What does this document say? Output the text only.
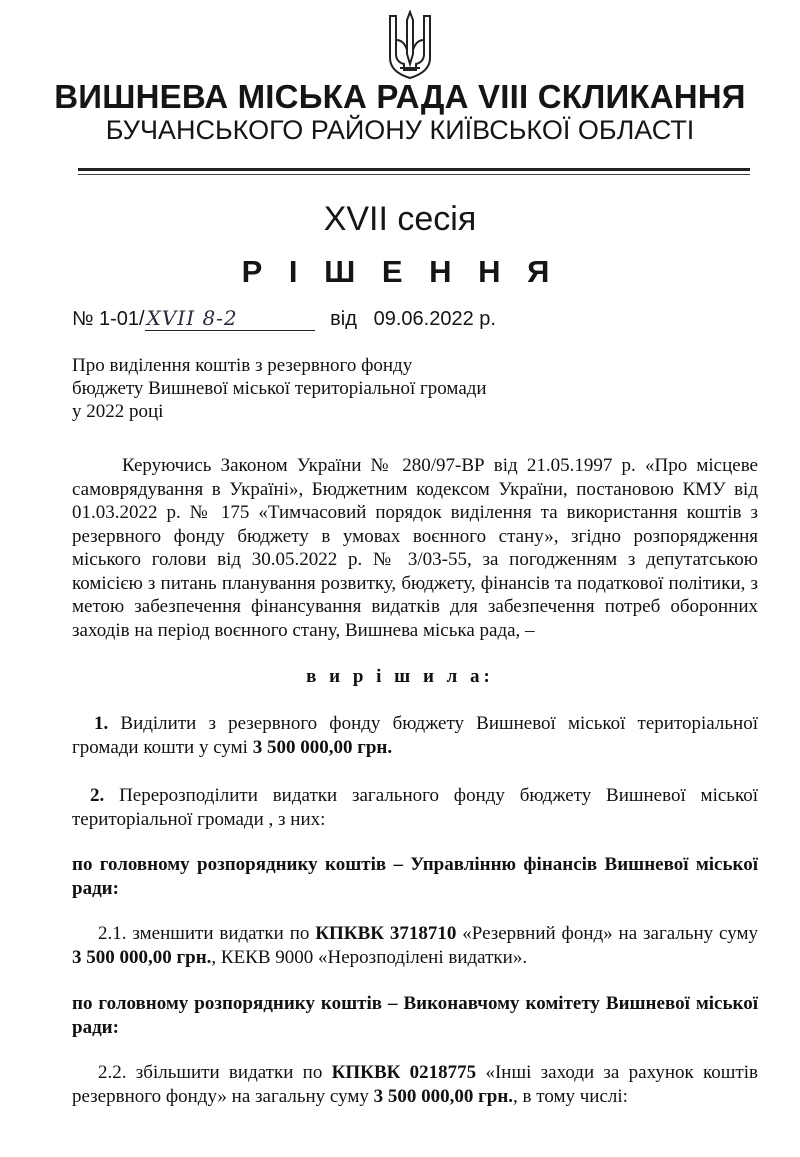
ВИШНЕВА МІСЬКА РАДА VIII СКЛИКАННЯ
БУЧАНСЬКОГО РАЙОНУ КИЇВСЬКОЇ ОБЛАСТІ
XVII сесія
Р І Ш Е Н Н Я
№ 1-01/ XVII 8-2	від 09.06.2022 р.
Про виділення коштів з резервного фонду
бюджету Вишневої міської територіальної громади
у 2022 році

Керуючись Законом України № 280/97-ВР від 21.05.1997 р. «Про місцеве самоврядування в Україні», Бюджетним кодексом України, постановою КМУ від 01.03.2022 р. № 175 «Тимчасовий порядок виділення та використання коштів з резервного фонду бюджету в умовах воєнного стану», згідно розпорядження міського голови від 30.05.2022 р. № 3/03-55, за погодженням з депутатською комісією з питань планування розвитку, бюджету, фінансів та податкової політики, з метою забезпечення фінансування видатків для забезпечення потреб оборонних заходів на період воєнного стану, Вишнева міська рада, –

в и р і ш и л а:

1. Виділити з резервного фонду бюджету Вишневої міської територіальної громади кошти у сумі 3 500 000,00 грн.

2. Перерозподілити видатки загального фонду бюджету Вишневої міської територіальної громади , з них:

по головному розпоряднику коштів – Управлінню фінансів Вишневої міської ради:

2.1. зменшити видатки по КПКВК 3718710 «Резервний фонд» на загальну суму 3 500 000,00 грн., КЕКВ 9000 «Нерозподілені видатки».

по головному розпоряднику коштів – Виконавчому комітету Вишневої міської ради:

2.2. збільшити видатки по КПКВК 0218775 «Інші заходи за рахунок коштів резервного фонду» на загальну суму 3 500 000,00 грн., в тому числі:
